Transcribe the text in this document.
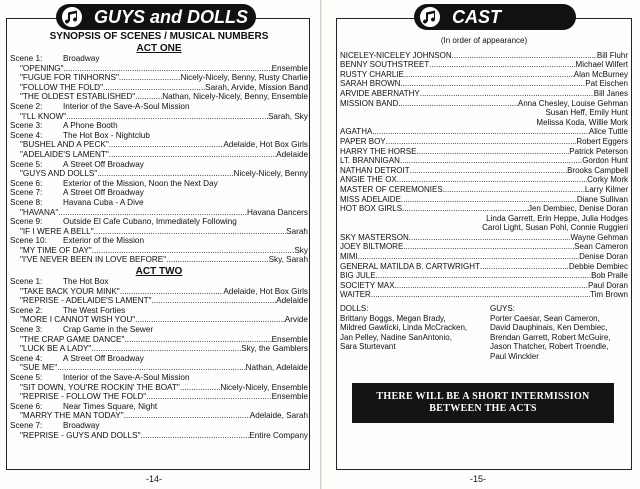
GUYS and DOLLS
SYNOPSIS OF SCENES / MUSICAL NUMBERS
ACT ONE
Scene 1:	Broadway
"OPENING" .....	Ensemble
"FUGUE FOR TINHORNS" .....	Nicely-Nicely, Benny, Rusty Charlie
"FOLLOW THE FOLD" .....	Sarah, Arvide, Mission Band
"THE OLDEST ESTABLISHED" .....	Nathan, Nicely-Nicely, Benny, Ensemble
Scene 2:	Interior of the Save-A-Soul Mission
"I'LL KNOW" .....	Sarah, Sky
Scene 3:	A Phone Booth
Scene 4:	The Hot Box - Nightclub
"BUSHEL AND A PECK" .....	Adelaide, Hot Box Girls
"ADELAIDE'S LAMENT" .....	Adelaide
Scene 5:	A Street Off Broadway
"GUYS AND DOLLS" .....	Nicely-Nicely, Benny
Scene 6:	Exterior of the Mission, Noon the Next Day
Scene 7:	A Street Off Broadway
Scene 8:	Havana Cuba - A Dive
"HAVANA" .....	Havana Dancers
Scene 9:	Outside El Cafe Cubano, Immediately Following
"IF I WERE A BELL" .....	Sarah
Scene 10:	Exterior of the Mission
"MY TIME OF DAY" .....	Sky
"I'VE NEVER BEEN IN LOVE BEFORE" .....	Sky, Sarah
ACT TWO
Scene 1:	The Hot Box
"TAKE BACK YOUR MINK" .....	Adelaide, Hot Box Girls
"REPRISE - ADELAIDE'S LAMENT" .....	Adelaide
Scene 2:	The West Forties
"MORE I CANNOT WISH YOU" .....	Arvide
Scene 3:	Crap Game in the Sewer
"THE CRAP GAME DANCE" .....	Ensemble
"LUCK BE A LADY" .....	Sky, the Gamblers
Scene 4:	A Street Off Broadway
"SUE ME" .....	Nathan, Adelaide
Scene 5:	Interior of the Save-A-Soul Mission
"SIT DOWN, YOU'RE ROCKIN' THE BOAT" .....	Nicely-Nicely, Ensemble
"REPRISE - FOLLOW THE FOLD" .....	Ensemble
Scene 6:	Near Times Square, Night
"MARRY THE MAN TODAY" .....	Adelaide, Sarah
Scene 7:	Broadway
"REPRISE - GUYS AND DOLLS" .....	Entire Company
-14-
CAST
(In order of appearance)
NICELEY-NICELEY JOHNSON .....	Bill Fluhr
BENNY SOUTHSTREET .....	Michael Wilfert
RUSTY CHARLIE .....	Alan McBurney
SARAH BROWN .....	Pat Eischen
ARVIDE ABERNATHY .....	Bill Janes
MISSION BAND .....	Anna Chesley, Louise Gehman
Susan Heff, Emily Hunt
Melissa Koda, Willie Mork
AGATHA .....	Alice Tuttle
PAPER BOY .....	Robert Eggers
HARRY THE HORSE .....	Patrick Peterson
LT. BRANNIGAN .....	Gordon Hunt
NATHAN DETROIT .....	Brooks Campbell
ANGIE THE OX .....	Corky Mork
MASTER OF CEREMONIES .....	Larry Kilmer
MISS ADELAIDE .....	Diane Sullivan
HOT BOX GIRLS .....	Jen Dembiec, Denise Doran
Linda Garrett, Erin Heppe, Julia Hodges
Carol Light, Susan Pohl, Connie Ruggieri
SKY MASTERSON .....	Wayne Gehman
JOEY BILTMORE .....	Sean Cameron
MIMI .....	Denise Doran
GENERAL MATILDA B. CARTWRIGHT .....	Debbie Dembiec
BIG JULE .....	Bob Pralle
SOCIETY MAX .....	Paul Doran
WAITER .....	Tim Brown
DOLLS:
Brittany Boggs, Megan Brady,
Mildred Gawlicki, Linda McCracken,
Jan Pelley, Nadine SanAntonio,
Sara Sturtevant
GUYS:
Porter Caesar, Sean Cameron,
David Dauphinais, Ken Dembiec,
Brendan Garrett, Robert McGuire,
Jason Thatcher, Robert Troendle,
Paul Winckler
THERE WILL BE A SHORT INTERMISSION
BETWEEN THE ACTS
-15-
